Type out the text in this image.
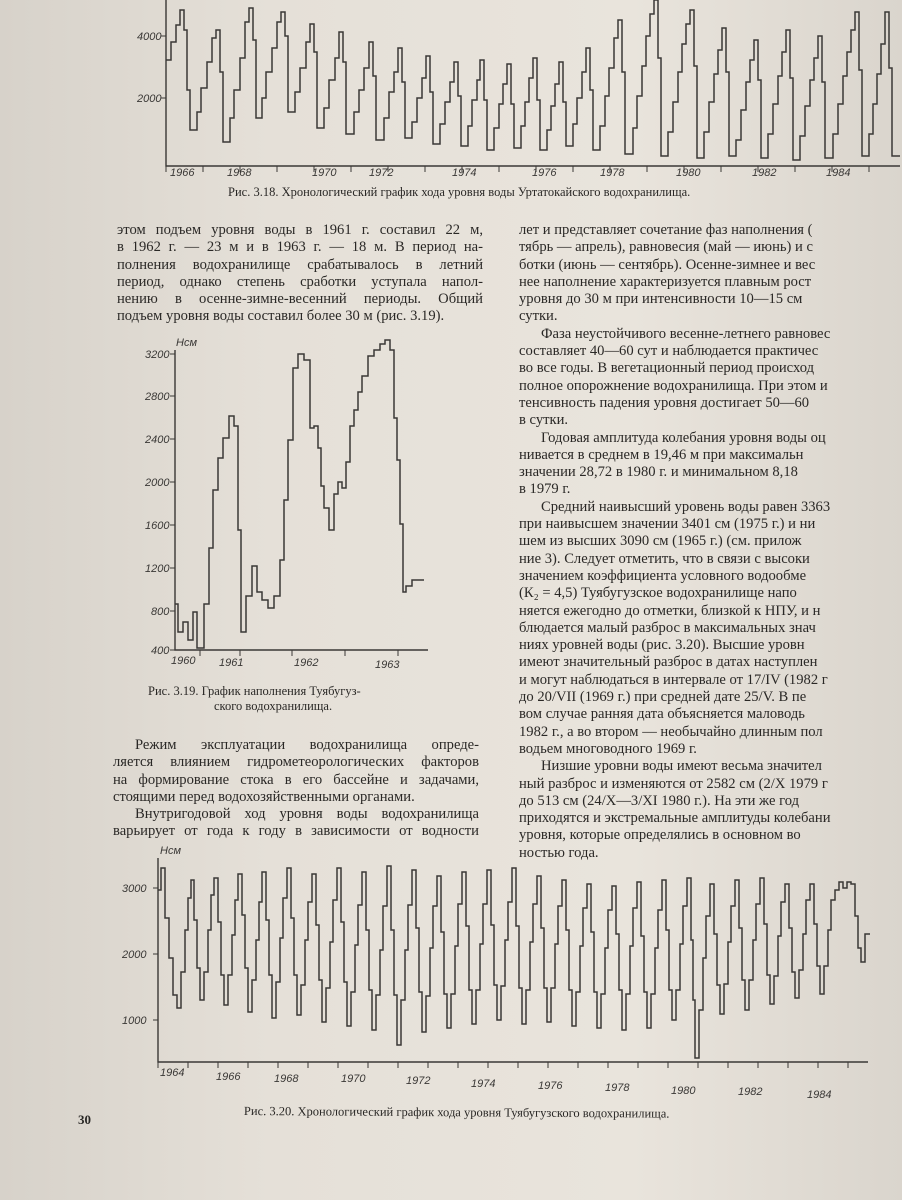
4000
2000
1966	1968	1970	1972	1974	1976	1978	1980	1982	1984
Рис. 3.18. Хронологический график хода уровня воды Уртатокайского водохранилища.

этом подъем уровня воды в 1961 г. составил 22 м,
в 1962 г. — 23 м и в 1963 г. — 18 м. В период на-
полнения водохранилище срабатывалось в летний
период, однако степень сработки уступала напол-
нению в осенне-зимне-весенний периоды. Общий
подъем уровня воды составил более 30 м (рис. 3.19).

Нсм
3200
2800
2400
2000
1600
1200
800
400
1960 1961	1962	1963
Рис. 3.19. График наполнения Туябугуз-
ского водохранилища.

Режим эксплуатации водохранилища опреде-
ляется влиянием гидрометеорологических факторов
на формирование стока в его бассейне и задачами,
стоящими перед водохозяйственными органами.

Внутригодовой ход уровня воды водохранилища
варьирует от года к году в зависимости от водности

лет и представляет сочетание фаз наполнения (
тябрь — апрель), равновесия (май — июнь) и с
ботки (июнь — сентябрь). Осенне-зимнее и вес
нее наполнение характеризуется плавным рост
уровня до 30 м при интенсивности 10—15 см
сутки.

Фаза неустойчивого весенне-летнего равновес
составляет 40—60 сут и наблюдается практичес
во все годы. В вегетационный период происход
полное опорожнение водохранилища. При этом и
тенсивность падения уровня достигает 50—60
в сутки.

Годовая амплитуда колебания уровня воды оц
нивается в среднем в 19,46 м при максимальн
значении 28,72 в 1980 г. и минимальном 8,18
в 1979 г.

Средний наивысший уровень воды равен 3363
при наивысшем значении 3401 см (1975 г.) и ни
шем из высших 3090 см (1965 г.) (см. прилож
ние 3). Следует отметить, что в связи с высоки
значением коэффициента условного водообме
(К₂ = 4,5) Туябугузское водохранилище напо
няется ежегодно до отметки, близкой к НПУ, и н
блюдается малый разброс в максимальных знач
ниях уровней воды (рис. 3.20). Высшие уровн
имеют значительный разброс в датах наступлен
и могут наблюдаться в интервале от 17/IV (1982 г
до 20/VII (1969 г.) при средней дате 25/V. В пе
вом случае ранняя дата объясняется маловодь
1982 г., а во втором — необычайно длинным пол
водьем многоводного 1969 г.

Низшие уровни воды имеют весьма значител
ный разброс и изменяются от 2582 см (2/X 1979 г
до 513 см (24/X—3/XI 1980 г.). На эти же год
приходятся и экстремальные амплитуды колебани
уровня, которые определялись в основном во
ностью года.

Нсм
3000
2000
1000
1964	1966	1968	1970	1972	1974	1976	1978	1980	1982	1984
Рис. 3.20. Хронологический график хода уровня Туябугузского водохранилища.
30
